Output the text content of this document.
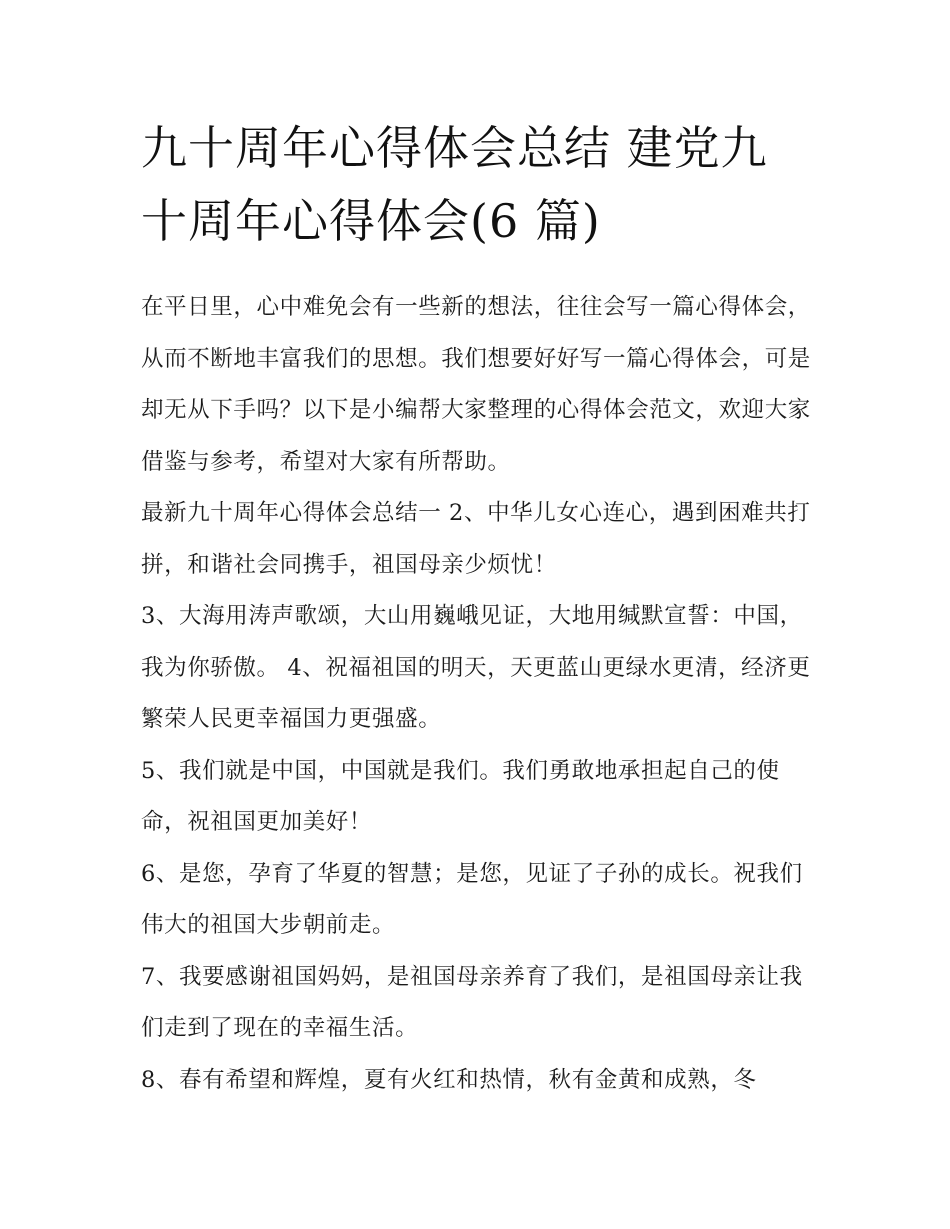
九十周年心得体会总结 建党九
十周年心得体会(6 篇)

在平日里，心中难免会有一些新的想法，往往会写一篇心得体会，从而不断地丰富我们的思想。我们想要好好写一篇心得体会，可是却无从下手吗？以下是小编帮大家整理的心得体会范文，欢迎大家借鉴与参考，希望对大家有所帮助。

最新九十周年心得体会总结一 2、中华儿女心连心，遇到困难共打拼，和谐社会同携手，祖国母亲少烦忧！

3、大海用涛声歌颂，大山用巍峨见证，大地用缄默宣誓：中国，我为你骄傲。 4、祝福祖国的明天，天更蓝山更绿水更清，经济更繁荣人民更幸福国力更强盛。

5、我们就是中国，中国就是我们。我们勇敢地承担起自己的使命，祝祖国更加美好！

6、是您，孕育了华夏的智慧；是您，见证了子孙的成长。祝我们伟大的祖国大步朝前走。

7、我要感谢祖国妈妈，是祖国母亲养育了我们，是祖国母亲让我们走到了现在的幸福生活。

8、春有希望和辉煌，夏有火红和热情，秋有金黄和成熟，冬
